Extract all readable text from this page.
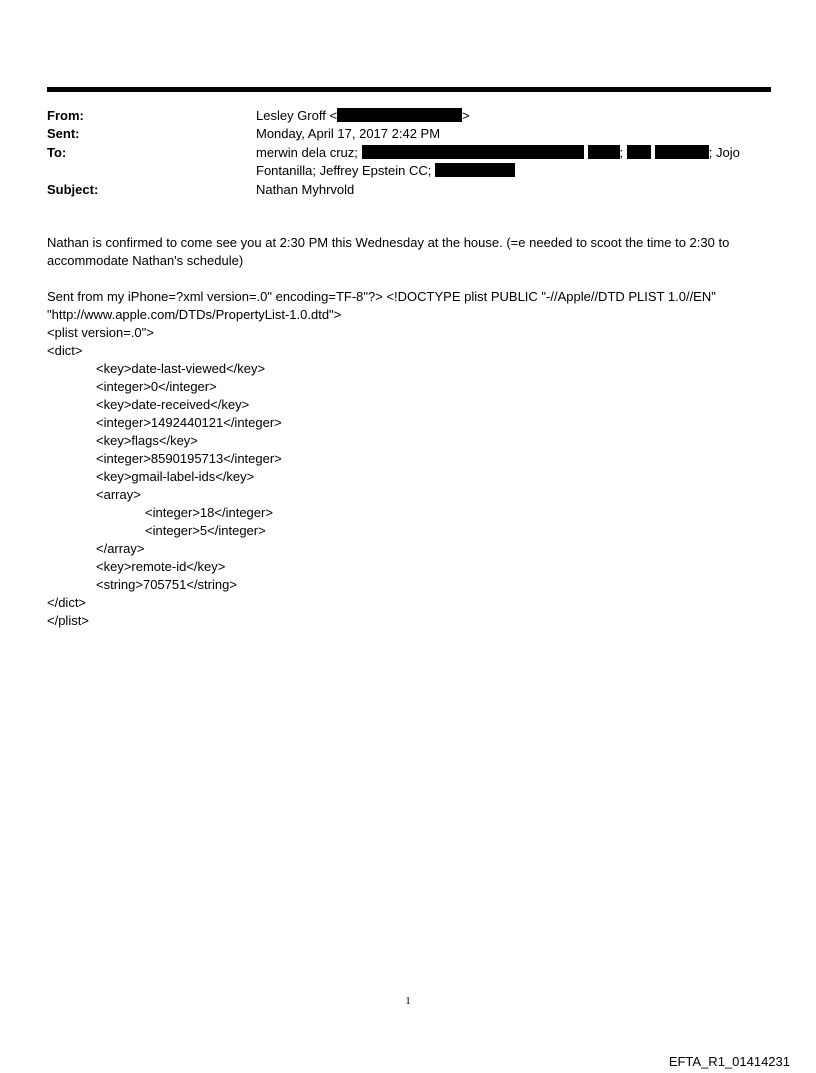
From:	Lesley Groff <	>
Sent:	Monday, April 17, 2017 2:42 PM
To:	merwin dela cruz;	;	; Jojo
Fontanilla; Jeffrey Epstein CC;
Subject:	Nathan Myhrvold
Nathan is confirmed to come see you at 2:30 PM this Wednesday at the house. (=e needed to scoot the time to 2:30 to
accommodate Nathan's schedule)
Sent from my iPhone=?xml version=.0" encoding=TF-8"?> <!DOCTYPE plist PUBLIC "-//Apple//DTD PLIST 1.0//EN"
"http://www.apple.com/DTDs/PropertyList-1.0.dtd">
<plist version=.0">
<dict>
<key>date-last-viewed</key>
<integer>0</integer>
<key>date-received</key>
<integer>1492440121</integer>
<key>flags</key>
<integer>8590195713</integer>
<key>gmail-label-ids</key>
<array>
<integer>18</integer>
<integer>5</integer>
</array>
<key>remote-id</key>
<string>705751</string>
</dict>
</plist>
1
EFTA_R1_01414231
